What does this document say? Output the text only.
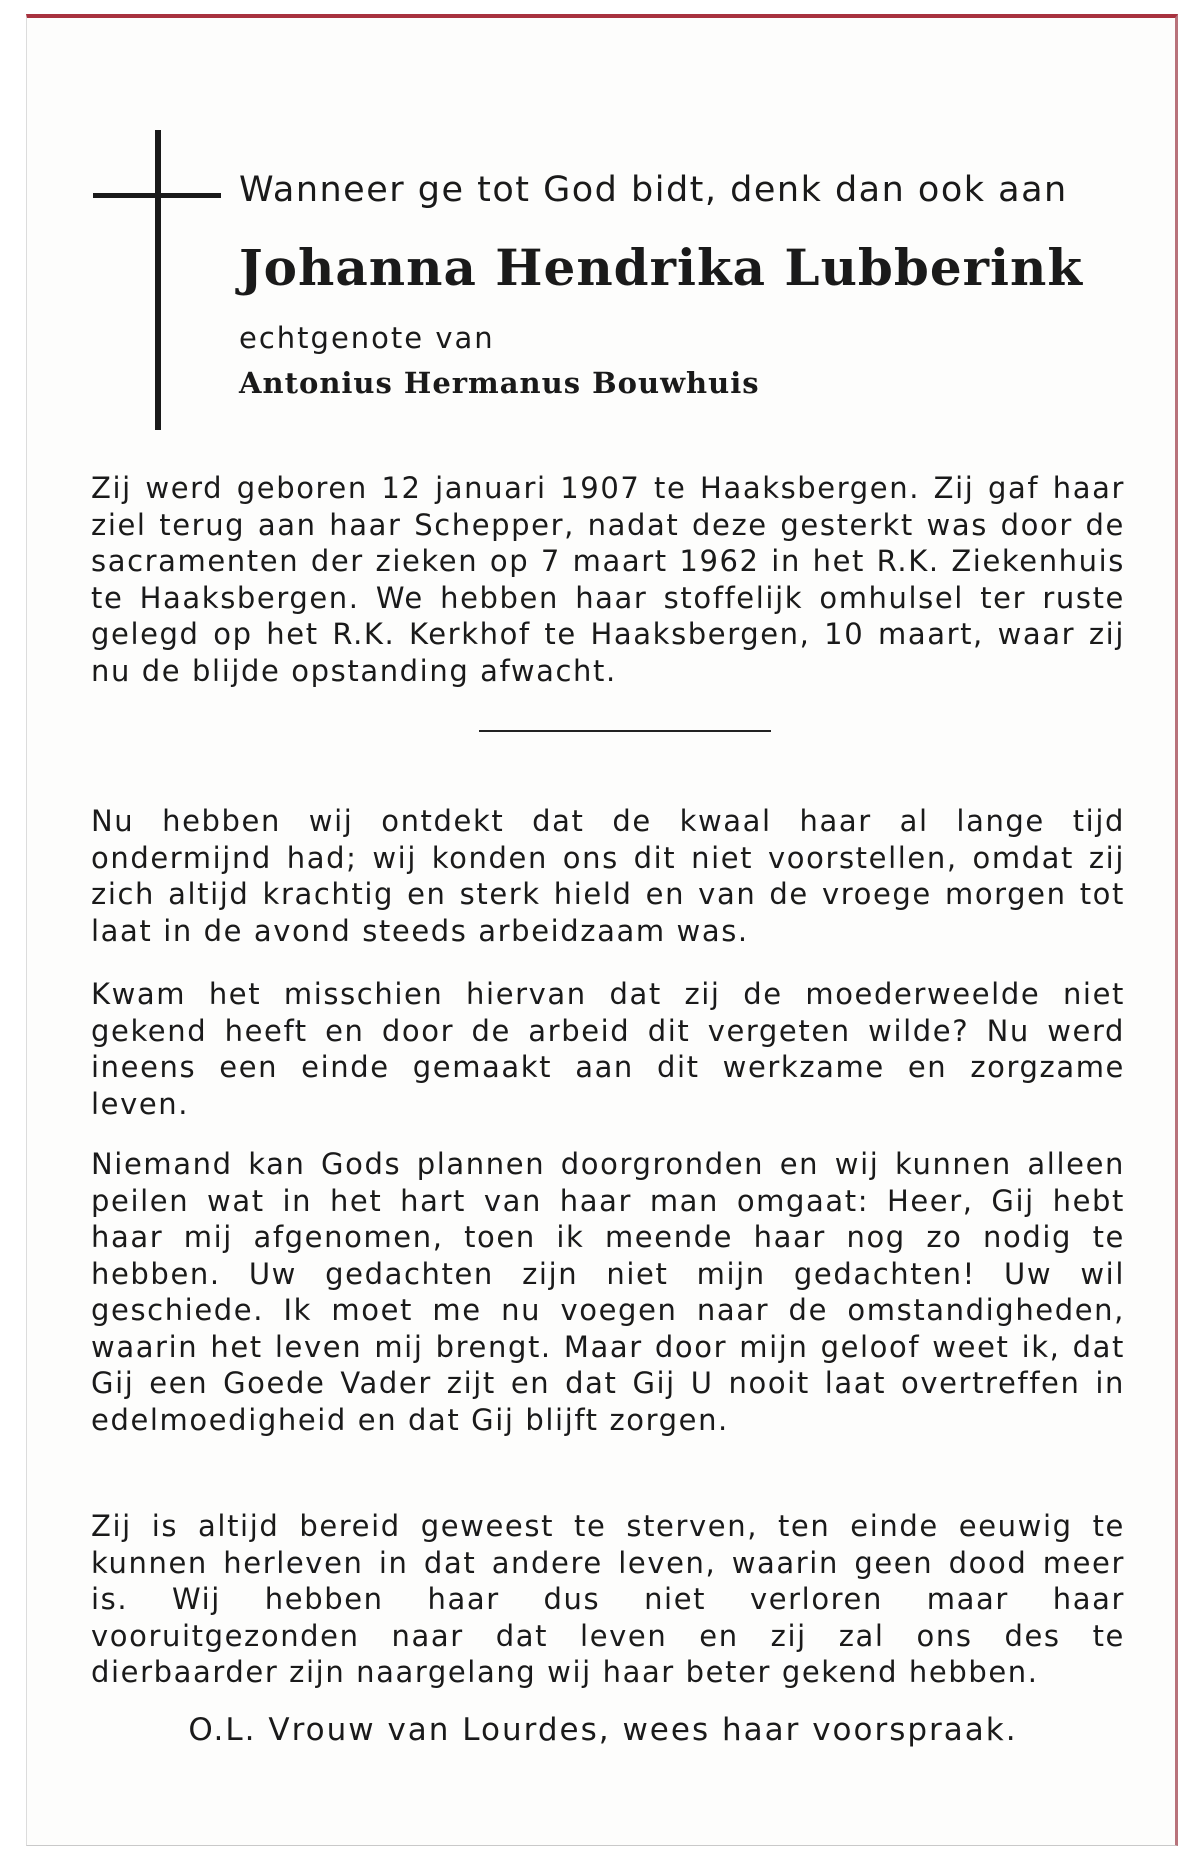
Wanneer ge tot God bidt, denk dan ook aan

Johanna Hendrika Lubberink

echtgenote van

Antonius Hermanus Bouwhuis

Zij werd geboren 12 januari 1907 te Haaksbergen. Zij gaf haar ziel terug aan haar Schepper, nadat deze gesterkt was door de sacramenten der zieken op 7 maart 1962 in het R.K. Ziekenhuis te Haaksbergen. We hebben haar stoffelijk omhulsel ter ruste gelegd op het R.K. Kerkhof te Haaksbergen, 10 maart, waar zij nu de blijde opstanding afwacht.

Nu hebben wij ontdekt dat de kwaal haar al lange tijd ondermijnd had; wij konden ons dit niet voorstellen, omdat zij zich altijd krachtig en sterk hield en van de vroege morgen tot laat in de avond steeds arbeidzaam was.

Kwam het misschien hiervan dat zij de moederweelde niet gekend heeft en door de arbeid dit vergeten wilde? Nu werd ineens een einde gemaakt aan dit werkzame en zorgzame leven.

Niemand kan Gods plannen doorgronden en wij kunnen alleen peilen wat in het hart van haar man omgaat: Heer, Gij hebt haar mij afgenomen, toen ik meende haar nog zo nodig te hebben. Uw gedachten zijn niet mijn gedachten! Uw wil geschiede. Ik moet me nu voegen naar de omstandigheden, waarin het leven mij brengt. Maar door mijn geloof weet ik, dat Gij een Goede Vader zijt en dat Gij U nooit laat overtreffen in edelmoedigheid en dat Gij blijft zorgen.

Zij is altijd bereid geweest te sterven, ten einde eeuwig te kunnen herleven in dat andere leven, waarin geen dood meer is. Wij hebben haar dus niet verloren maar haar vooruitgezonden naar dat leven en zij zal ons des te dierbaarder zijn naargelang wij haar beter gekend hebben.

O.L. Vrouw van Lourdes, wees haar voorspraak.
